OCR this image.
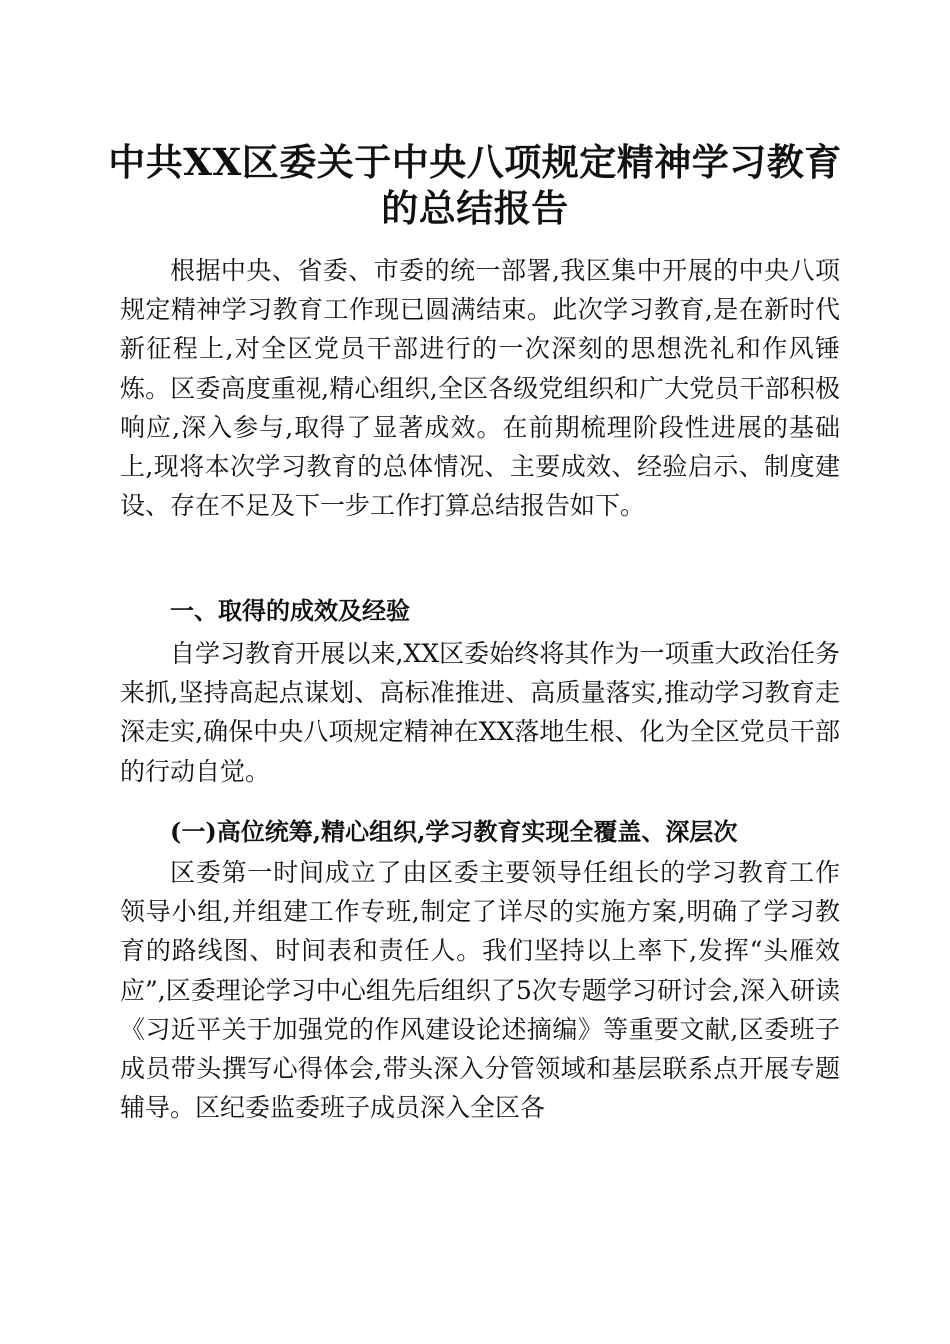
中共XX区委关于中央八项规定精神学习教育
的总结报告

根据中央、省委、市委的统一部署,我区集中开展的中央八项规定精神学习教育工作现已圆满结束。此次学习教育,是在新时代新征程上,对全区党员干部进行的一次深刻的思想洗礼和作风锤炼。区委高度重视,精心组织,全区各级党组织和广大党员干部积极响应,深入参与,取得了显著成效。在前期梳理阶段性进展的基础上,现将本次学习教育的总体情况、主要成效、经验启示、制度建设、存在不足及下一步工作打算总结报告如下。

一、取得的成效及经验

自学习教育开展以来,XX区委始终将其作为一项重大政治任务来抓,坚持高起点谋划、高标准推进、高质量落实,推动学习教育走深走实,确保中央八项规定精神在XX落地生根、化为全区党员干部的行动自觉。

(一)高位统筹,精心组织,学习教育实现全覆盖、深层次

区委第一时间成立了由区委主要领导任组长的学习教育工作领导小组,并组建工作专班,制定了详尽的实施方案,明确了学习教育的路线图、时间表和责任人。我们坚持以上率下,发挥“头雁效应”,区委理论学习中心组先后组织了5次专题学习研讨会,深入研读《习近平关于加强党的作风建设论述摘编》等重要文献,区委班子成员带头撰写心得体会,带头深入分管领域和基层联系点开展专题辅导。区纪委监委班子成员深入全区各
